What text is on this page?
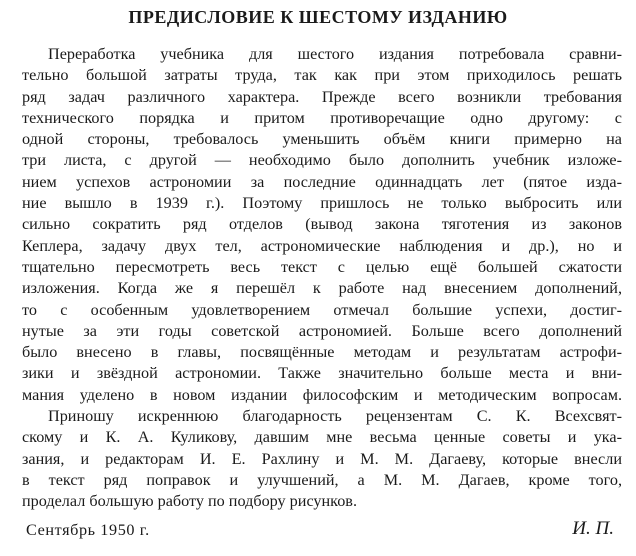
ПРЕДИСЛОВИЕ К ШЕСТОМУ ИЗДАНИЮ
Переработка учебника для шестого издания потребовала сравни-
тельно большой затраты труда, так как при этом приходилось решать
ряд задач различного характера. Прежде всего возникли требования
технического порядка и притом противоречащие одно другому: с
одной стороны, требовалось уменьшить объём книги примерно на
три листа, с другой — необходимо было дополнить учебник изложе-
нием успехов астрономии за последние одиннадцать лет (пятое изда-
ние вышло в 1939 г.). Поэтому пришлось не только выбросить или
сильно сократить ряд отделов (вывод закона тяготения из законов
Кеплера, задачу двух тел, астрономические наблюдения и др.), но и
тщательно пересмотреть весь текст с целью ещё большей сжатости
изложения. Когда же я перешёл к работе над внесением дополнений,
то с особенным удовлетворением отмечал большие успехи, достиг-
нутые за эти годы советской астрономией. Больше всего дополнений
было внесено в главы, посвящённые методам и результатам астрофи-
зики и звёздной астрономии. Также значительно больше места и вни-
мания уделено в новом издании философским и методическим вопросам.
Приношу искреннюю благодарность рецензентам С. К. Всехсвят-
скому и К. А. Куликову, давшим мне весьма ценные советы и ука-
зания, и редакторам И. Е. Рахлину и М. М. Дагаеву, которые внесли
в текст ряд поправок и улучшений, а М. М. Дагаев, кроме того,
проделал большую работу по подбору рисунков.
Сентябрь 1950 г.	И. П.
